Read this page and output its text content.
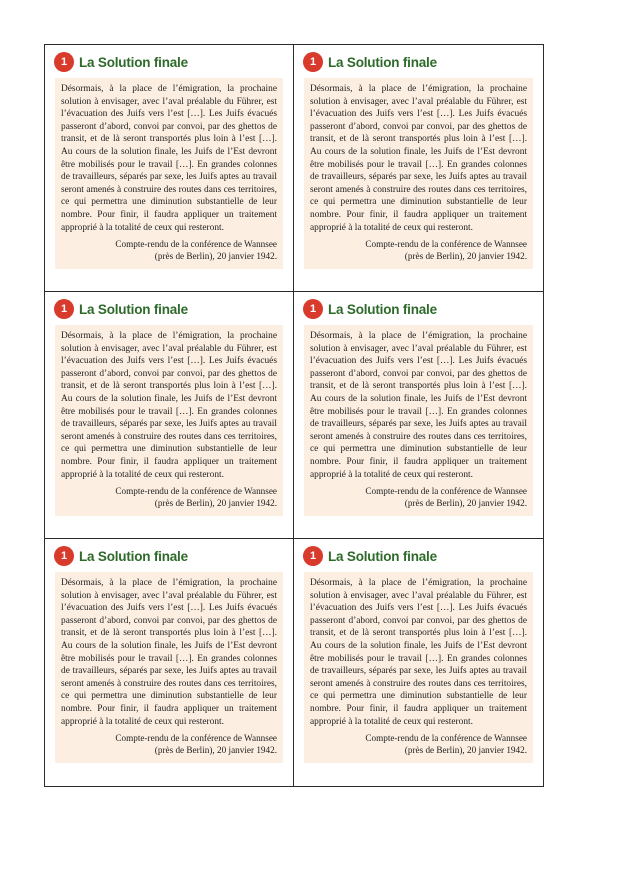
1 La Solution finale

Désormais, à la place de l’émigration, la prochaine solution à envisager, avec l’aval préalable du Führer, est l’évacuation des Juifs vers l’est […]. Les Juifs évacués passeront d’abord, convoi par convoi, par des ghettos de transit, et de là seront transportés plus loin à l’est […]. Au cours de la solution finale, les Juifs de l’Est devront être mobilisés pour le travail […]. En grandes colonnes de travailleurs, séparés par sexe, les Juifs aptes au travail seront amenés à construire des routes dans ces territoires, ce qui permettra une diminution substantielle de leur nombre. Pour finir, il faudra appliquer un traitement approprié à la totalité de ceux qui resteront.

Compte-rendu de la conférence de Wannsee
(près de Berlin), 20 janvier 1942.

1 La Solution finale

Désormais, à la place de l’émigration, la prochaine solution à envisager, avec l’aval préalable du Führer, est l’évacuation des Juifs vers l’est […]. Les Juifs évacués passeront d’abord, convoi par convoi, par des ghettos de transit, et de là seront transportés plus loin à l’est […]. Au cours de la solution finale, les Juifs de l’Est devront être mobilisés pour le travail […]. En grandes colonnes de travailleurs, séparés par sexe, les Juifs aptes au travail seront amenés à construire des routes dans ces territoires, ce qui permettra une diminution substantielle de leur nombre. Pour finir, il faudra appliquer un traitement approprié à la totalité de ceux qui resteront.

Compte-rendu de la conférence de Wannsee
(près de Berlin), 20 janvier 1942.

1 La Solution finale

Désormais, à la place de l’émigration, la prochaine solution à envisager, avec l’aval préalable du Führer, est l’évacuation des Juifs vers l’est […]. Les Juifs évacués passeront d’abord, convoi par convoi, par des ghettos de transit, et de là seront transportés plus loin à l’est […]. Au cours de la solution finale, les Juifs de l’Est devront être mobilisés pour le travail […]. En grandes colonnes de travailleurs, séparés par sexe, les Juifs aptes au travail seront amenés à construire des routes dans ces territoires, ce qui permettra une diminution substantielle de leur nombre. Pour finir, il faudra appliquer un traitement approprié à la totalité de ceux qui resteront.

Compte-rendu de la conférence de Wannsee
(près de Berlin), 20 janvier 1942.

1 La Solution finale

Désormais, à la place de l’émigration, la prochaine solution à envisager, avec l’aval préalable du Führer, est l’évacuation des Juifs vers l’est […]. Les Juifs évacués passeront d’abord, convoi par convoi, par des ghettos de transit, et de là seront transportés plus loin à l’est […]. Au cours de la solution finale, les Juifs de l’Est devront être mobilisés pour le travail […]. En grandes colonnes de travailleurs, séparés par sexe, les Juifs aptes au travail seront amenés à construire des routes dans ces territoires, ce qui permettra une diminution substantielle de leur nombre. Pour finir, il faudra appliquer un traitement approprié à la totalité de ceux qui resteront.

Compte-rendu de la conférence de Wannsee
(près de Berlin), 20 janvier 1942.

1 La Solution finale

Désormais, à la place de l’émigration, la prochaine solution à envisager, avec l’aval préalable du Führer, est l’évacuation des Juifs vers l’est […]. Les Juifs évacués passeront d’abord, convoi par convoi, par des ghettos de transit, et de là seront transportés plus loin à l’est […]. Au cours de la solution finale, les Juifs de l’Est devront être mobilisés pour le travail […]. En grandes colonnes de travailleurs, séparés par sexe, les Juifs aptes au travail seront amenés à construire des routes dans ces territoires, ce qui permettra une diminution substantielle de leur nombre. Pour finir, il faudra appliquer un traitement approprié à la totalité de ceux qui resteront.

Compte-rendu de la conférence de Wannsee
(près de Berlin), 20 janvier 1942.

1 La Solution finale

Désormais, à la place de l’émigration, la prochaine solution à envisager, avec l’aval préalable du Führer, est l’évacuation des Juifs vers l’est […]. Les Juifs évacués passeront d’abord, convoi par convoi, par des ghettos de transit, et de là seront transportés plus loin à l’est […]. Au cours de la solution finale, les Juifs de l’Est devront être mobilisés pour le travail […]. En grandes colonnes de travailleurs, séparés par sexe, les Juifs aptes au travail seront amenés à construire des routes dans ces territoires, ce qui permettra une diminution substantielle de leur nombre. Pour finir, il faudra appliquer un traitement approprié à la totalité de ceux qui resteront.

Compte-rendu de la conférence de Wannsee
(près de Berlin), 20 janvier 1942.
